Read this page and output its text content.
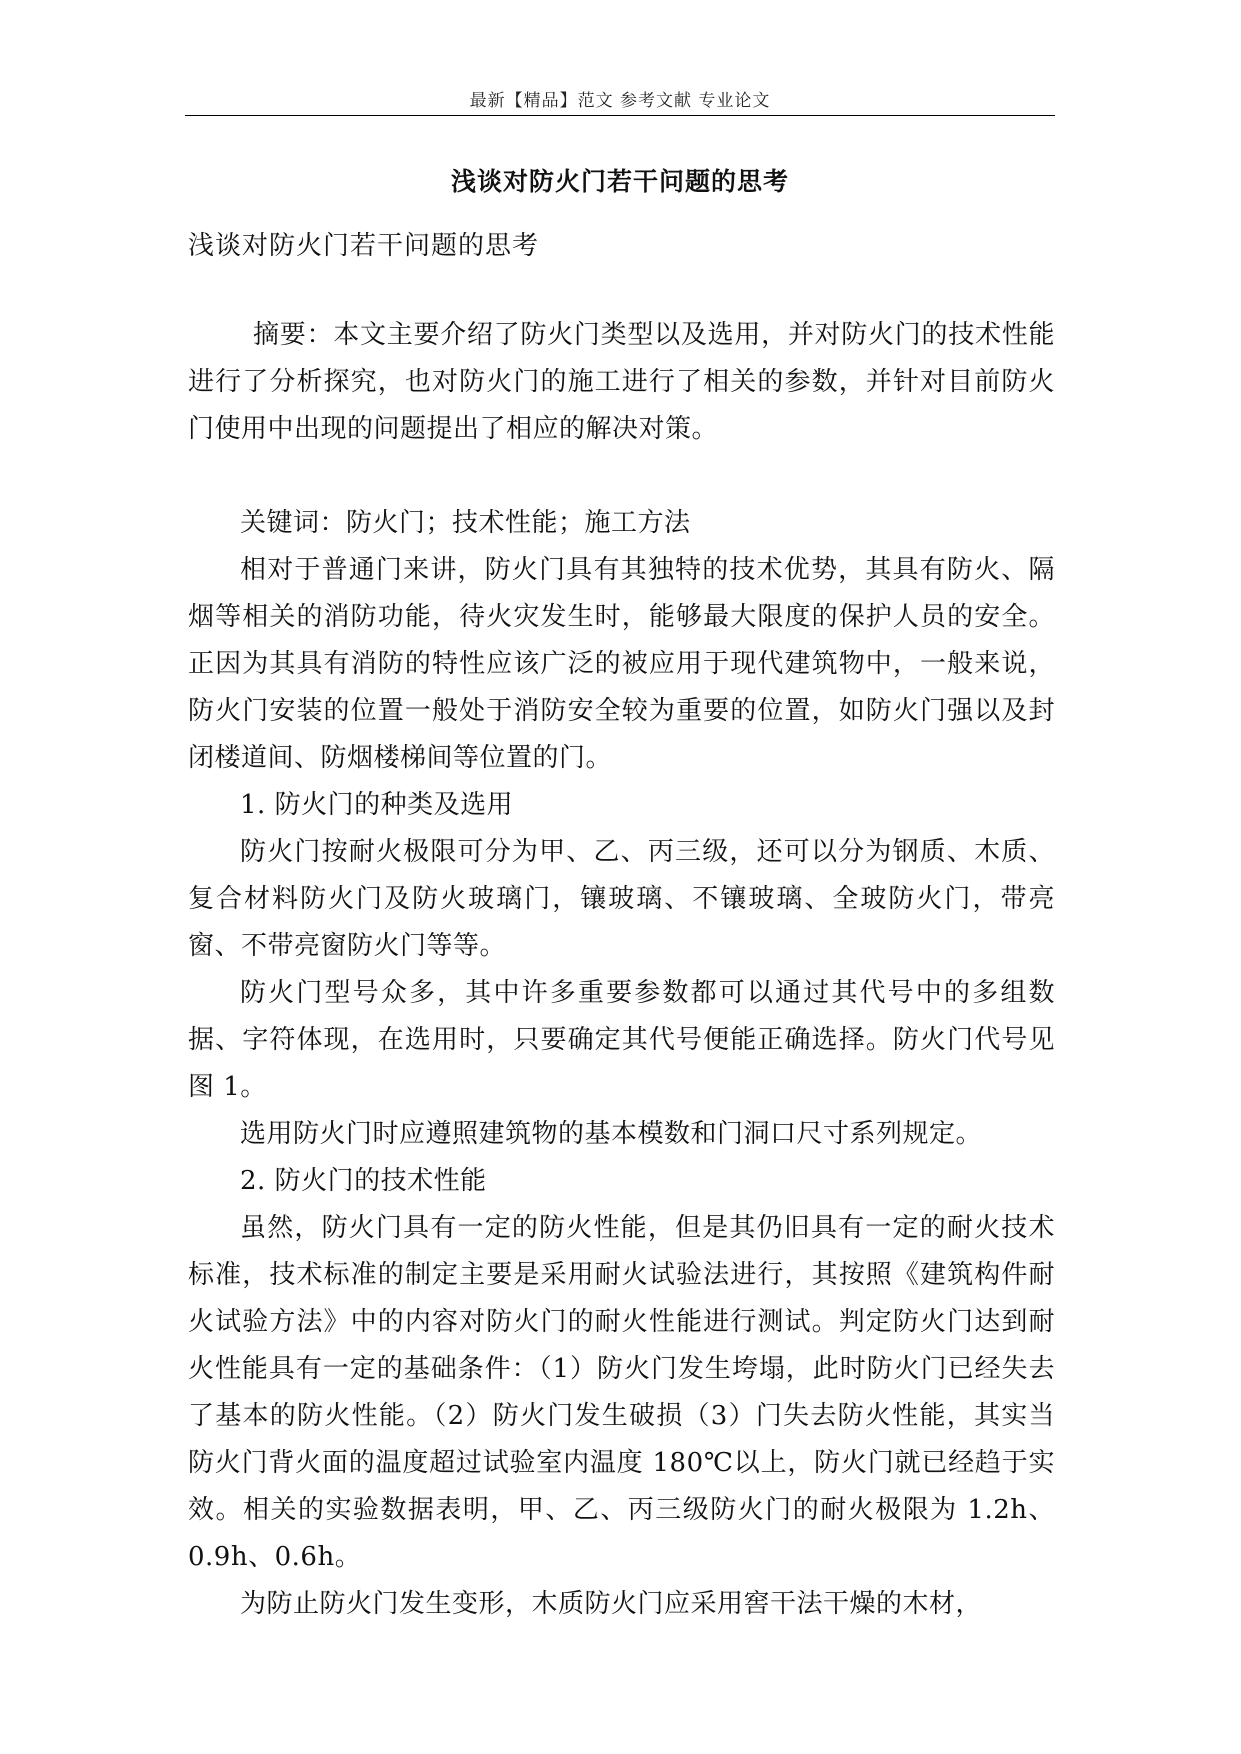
最新【精品】范文 参考文献 专业论文
浅谈对防火门若干问题的思考

浅谈对防火门若干问题的思考

摘要：本文主要介绍了防火门类型以及选用，并对防火门的技术性能进行了分析探究，也对防火门的施工进行了相关的参数，并针对目前防火门使用中出现的问题提出了相应的解决对策。

关键词：防火门；技术性能；施工方法

相对于普通门来讲，防火门具有其独特的技术优势，其具有防火、隔烟等相关的消防功能，待火灾发生时，能够最大限度的保护人员的安全。正因为其具有消防的特性应该广泛的被应用于现代建筑物中，一般来说，防火门安装的位置一般处于消防安全较为重要的位置，如防火门强以及封闭楼道间、防烟楼梯间等位置的门。

1. 防火门的种类及选用

防火门按耐火极限可分为甲、乙、丙三级，还可以分为钢质、木质、复合材料防火门及防火玻璃门，镶玻璃、不镶玻璃、全玻防火门，带亮窗、不带亮窗防火门等等。

防火门型号众多，其中许多重要参数都可以通过其代号中的多组数据、字符体现，在选用时，只要确定其代号便能正确选择。防火门代号见图 1。

选用防火门时应遵照建筑物的基本模数和门洞口尺寸系列规定。

2. 防火门的技术性能

虽然，防火门具有一定的防火性能，但是其仍旧具有一定的耐火技术标准，技术标准的制定主要是采用耐火试验法进行，其按照《建筑构件耐火试验方法》中的内容对防火门的耐火性能进行测试。判定防火门达到耐火性能具有一定的基础条件：（1）防火门发生垮塌，此时防火门已经失去了基本的防火性能。（2）防火门发生破损（3）门失去防火性能，其实当防火门背火面的温度超过试验室内温度 180℃以上，防火门就已经趋于实效。相关的实验数据表明，甲、乙、丙三级防火门的耐火极限为 1.2h、0.9h、0.6h。

为防止防火门发生变形，木质防火门应采用窖干法干燥的木材，
